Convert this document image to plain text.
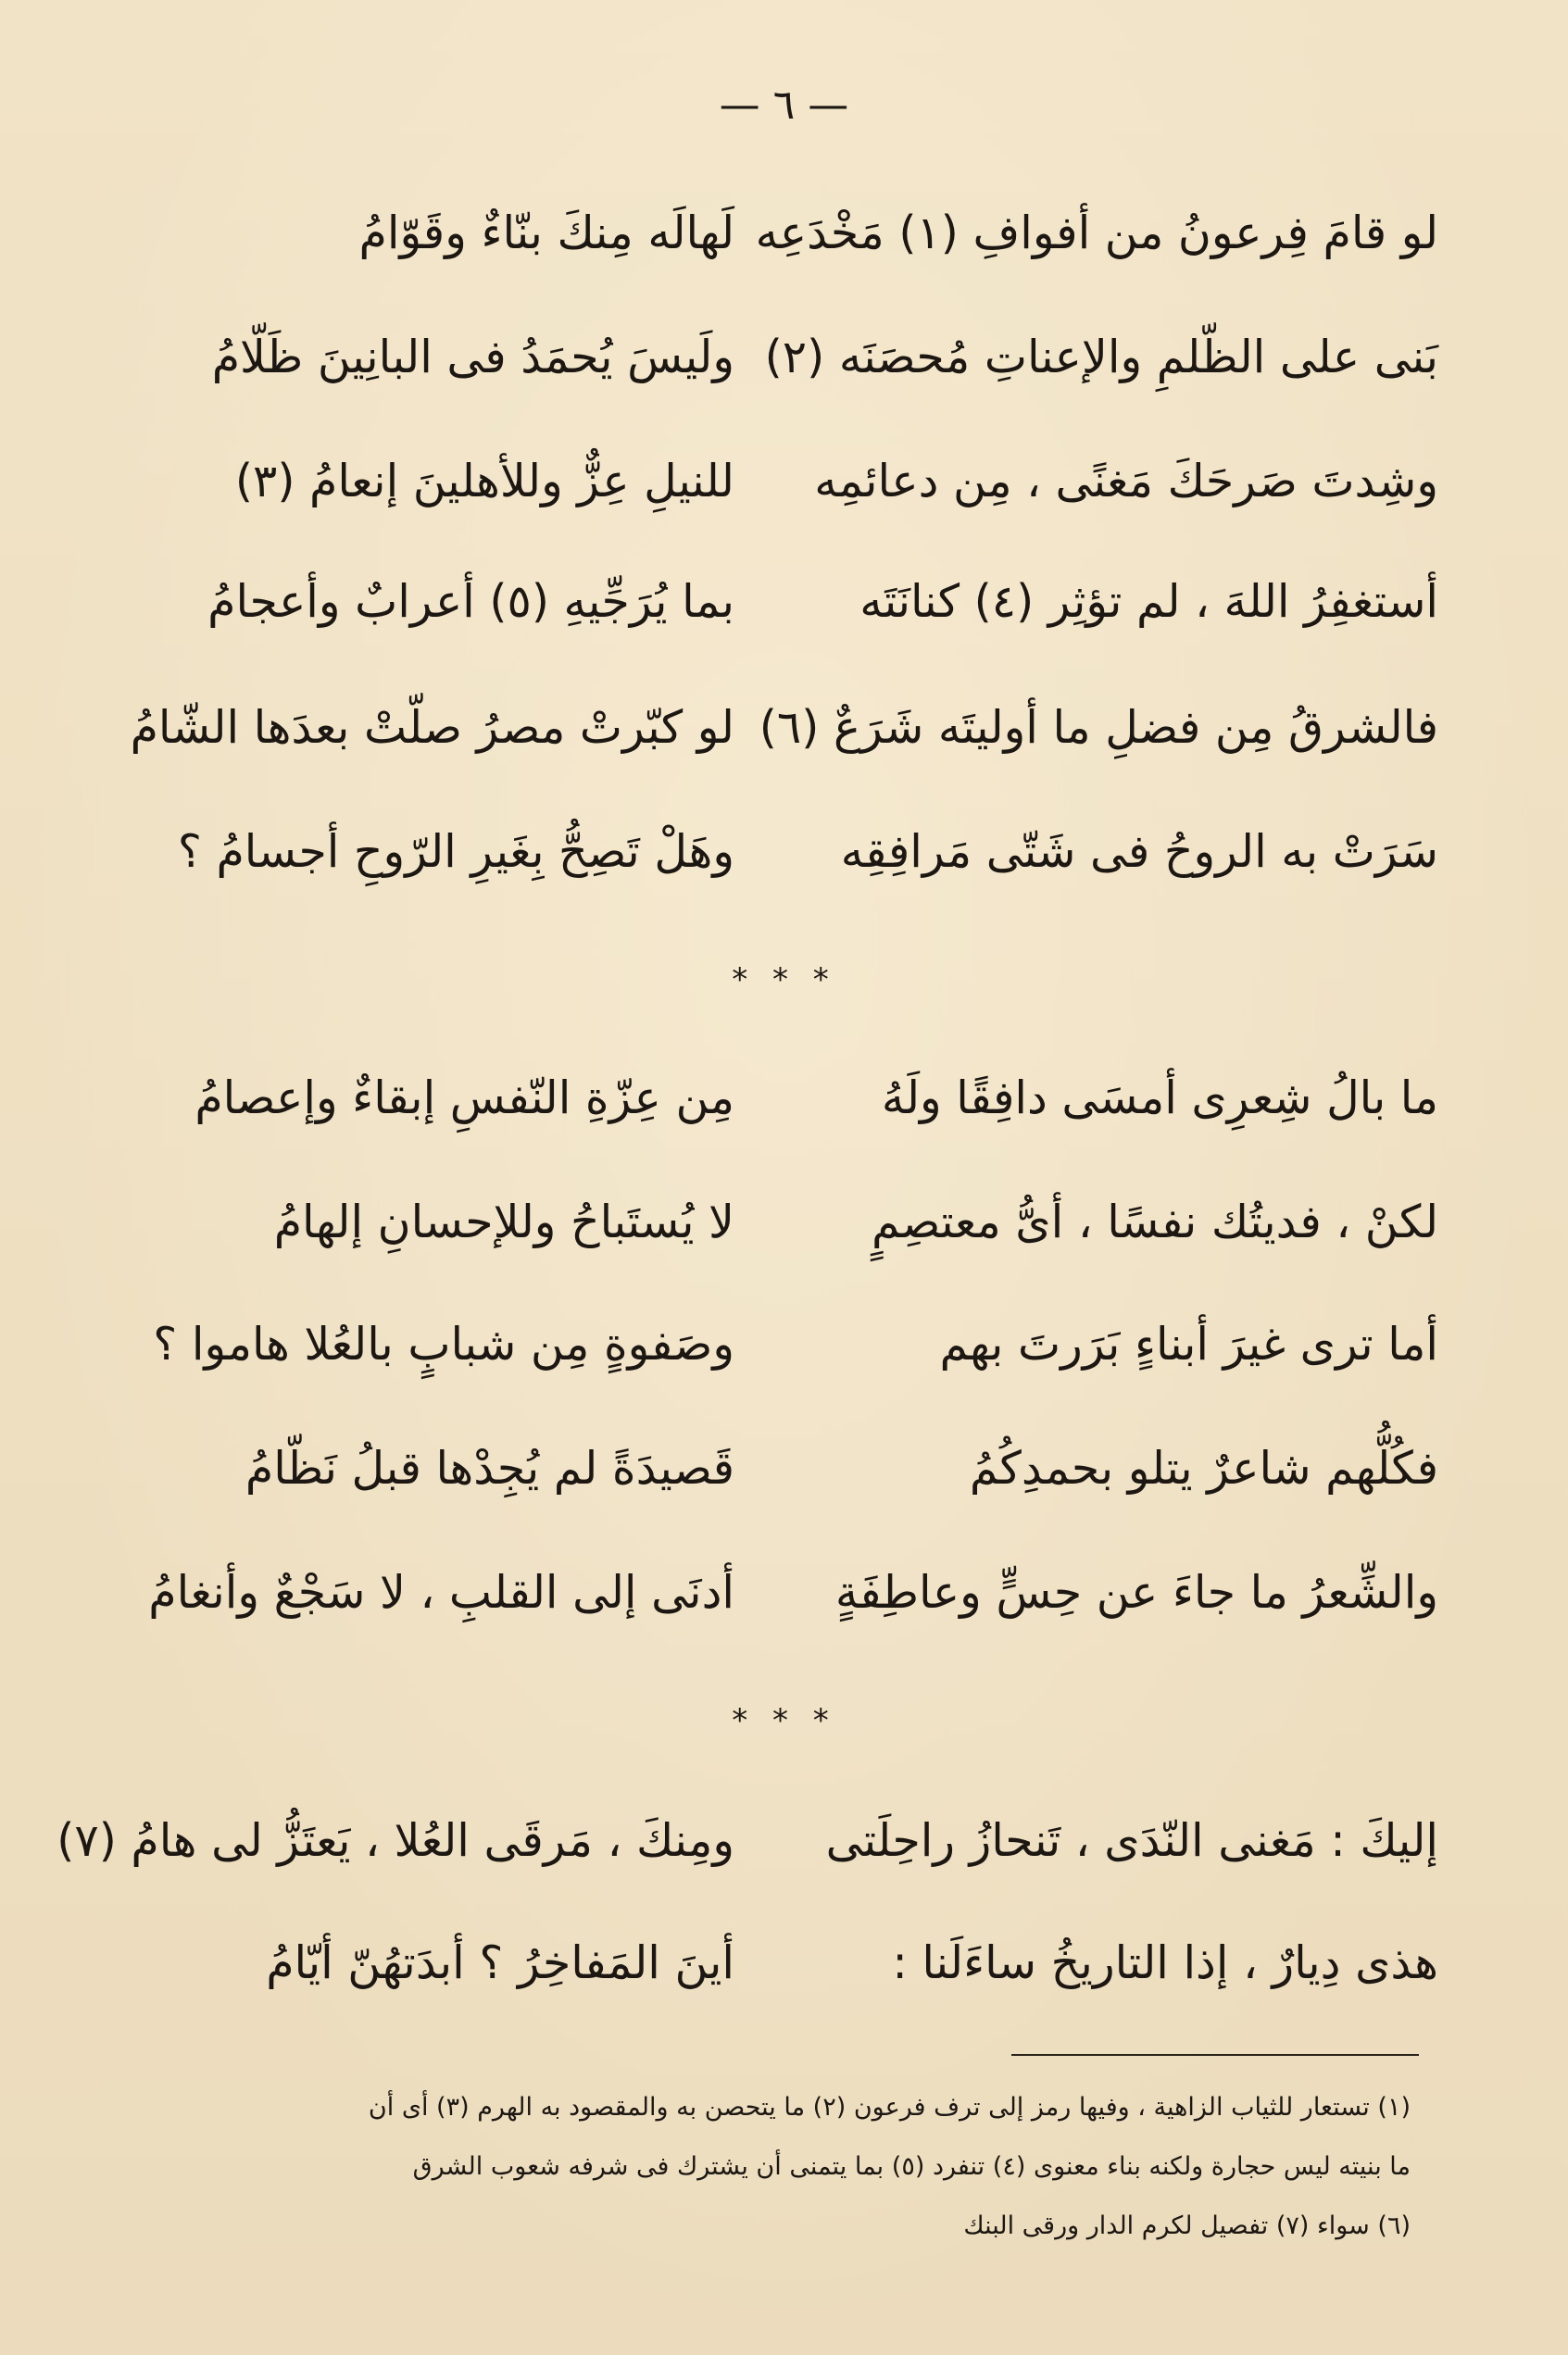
— ٦ —
لو قامَ فِرعونُ من أفوافِ (١) مَخْدَعِه
لَهالَه مِنكَ بنّاءٌ وقَوّامُ
بَنى على الظّلمِ والإعناتِ مُحصَنَه (٢)
ولَيسَ يُحمَدُ فى البانِينَ ظَلّامُ
وشِدتَ صَرحَكَ مَغنًى ، مِن دعائمِه
للنيلِ عِزٌّ وللأهلينَ إنعامُ (٣)
أستغفِرُ اللهَ ، لم تؤثِر (٤) كنانَتَه
بما يُرَجِّيهِ (٥) أعرابٌ وأعجامُ
فالشرقُ مِن فضلِ ما أوليتَه شَرَعٌ (٦)
لو كبّرتْ مصرُ صلّتْ بعدَها الشّامُ
سَرَتْ به الروحُ فى شَتّى مَرافِقِه
وهَلْ تَصِحُّ بِغَيرِ الرّوحِ أجسامُ ؟
* * *
ما بالُ شِعرِى أمسَى دافِقًا ولَهُ
مِن عِزّةِ النّفسِ إبقاءٌ وإعصامُ
لكنْ ، فديتُك نفسًا ، أىُّ معتصِمٍ
لا يُستَباحُ وللإحسانِ إلهامُ
أما ترى غيرَ أبناءٍ بَرَرتَ بهم
وصَفوةٍ مِن شبابٍ بالعُلا هاموا ؟
فكُلُّهم شاعرٌ يتلو بحمدِكُمُ
قَصيدَةً لم يُجِدْها قبلُ نَظّامُ
والشِّعرُ ما جاءَ عن حِسٍّ وعاطِفَةٍ
أدنَى إلى القلبِ ، لا سَجْعٌ وأنغامُ
* * *
إليكَ : مَغنى النّدَى ، تَنحازُ راحِلَتى
ومِنكَ ، مَرقَى العُلا ، يَعتَزُّ لى هامُ (٧)
هذى دِيارٌ ، إذا التاريخُ ساءَلَنا :
أينَ المَفاخِرُ ؟ أبدَتهُنّ أيّامُ
(١) تستعار للثياب الزاهية ، وفيها رمز إلى ترف فرعون (٢) ما يتحصن به والمقصود به الهرم (٣) أى أن
ما بنيته ليس حجارة ولكنه بناء معنوى (٤) تنفرد (٥) بما يتمنى أن يشترك فى شرفه شعوب الشرق
(٦) سواء (٧) تفصيل لكرم الدار ورقى البنك
